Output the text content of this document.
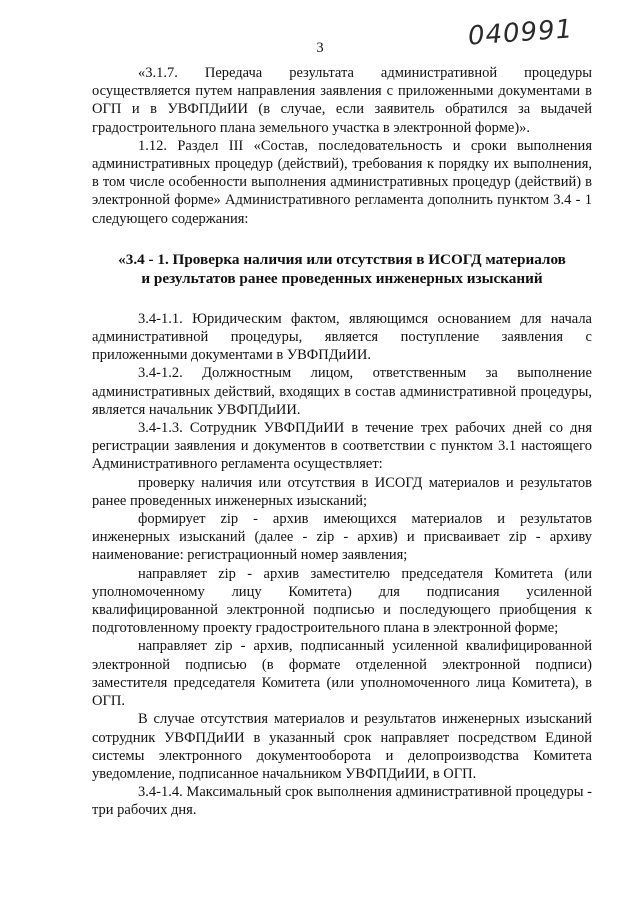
040991
3

«3.1.7. Передача результата административной процедуры осуществляется путем направления заявления с приложенными документами в ОГП и в УВФПДиИИ (в случае, если заявитель обратился за выдачей градостроительного плана земельного участка в электронной форме)».

1.12. Раздел III «Состав, последовательность и сроки выполнения административных процедур (действий), требования к порядку их выполнения, в том числе особенности выполнения административных процедур (действий) в электронной форме» Административного регламента дополнить пунктом 3.4 - 1 следующего содержания:

«3.4 - 1. Проверка наличия или отсутствия в ИСОГД материалов
и результатов ранее проведенных инженерных изысканий

3.4-1.1. Юридическим фактом, являющимся основанием для начала административной процедуры, является поступление заявления с приложенными документами в УВФПДиИИ.

3.4-1.2. Должностным лицом, ответственным за выполнение административных действий, входящих в состав административной процедуры, является начальник УВФПДиИИ.

3.4-1.3. Сотрудник УВФПДиИИ в течение трех рабочих дней со дня регистрации заявления и документов в соответствии с пунктом 3.1 настоящего Административного регламента осуществляет:

проверку наличия или отсутствия в ИСОГД материалов и результатов ранее проведенных инженерных изысканий;

формирует zip - архив имеющихся материалов и результатов инженерных изысканий (далее - zip - архив) и присваивает zip - архиву наименование: регистрационный номер заявления;

направляет zip - архив заместителю председателя Комитета (или уполномоченному лицу Комитета) для подписания усиленной квалифицированной электронной подписью и последующего приобщения к подготовленному проекту градостроительного плана в электронной форме;

направляет zip - архив, подписанный усиленной квалифицированной электронной подписью (в формате отделенной электронной подписи) заместителя председателя Комитета (или уполномоченного лица Комитета), в ОГП.

В случае отсутствия материалов и результатов инженерных изысканий сотрудник УВФПДиИИ в указанный срок направляет посредством Единой системы электронного документооборота и делопроизводства Комитета уведомление, подписанное начальником УВФПДиИИ, в ОГП.

3.4-1.4. Максимальный срок выполнения административной процедуры - три рабочих дня.
